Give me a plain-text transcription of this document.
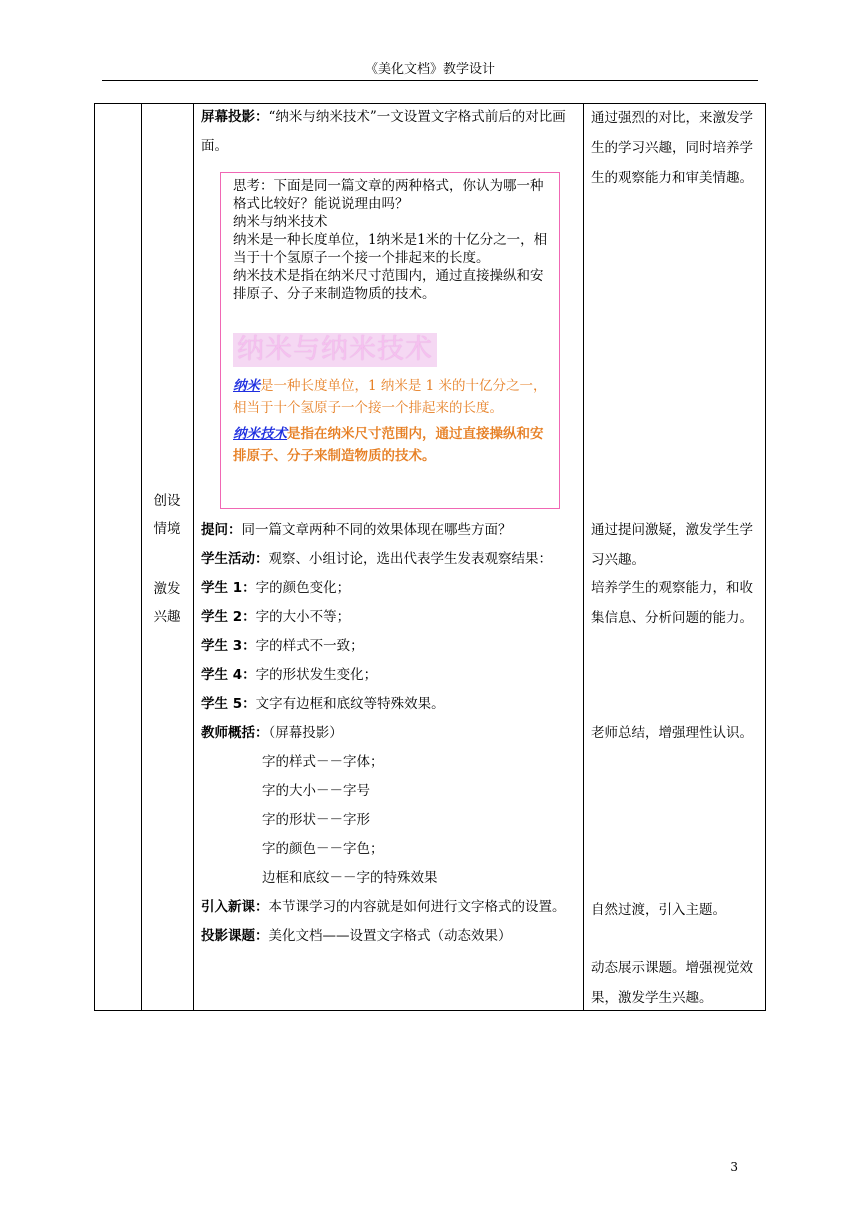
《美化文档》教学设计
创设
情境
激发
兴趣

屏幕投影：“纳米与纳米技术”一文设置文字格式前后的对比画面。

思考：下面是同一篇文章的两种格式，你认为哪一种格式比较好？能说说理由吗？

纳米与纳米技术

纳米是一种长度单位，1纳米是1米的十亿分之一，相当于十个氢原子一个接一个排起来的长度。

纳米技术是指在纳米尺寸范围内，通过直接操纵和安排原子、分子来制造物质的技术。

纳米与纳米技术

纳米是一种长度单位，1 纳米是 1 米的十亿分之一，相当于十个氢原子一个接一个排起来的长度。

纳米技术是指在纳米尺寸范围内，通过直接操纵和安排原子、分子来制造物质的技术。

提问：同一篇文章两种不同的效果体现在哪些方面？

学生活动：观察、小组讨论，选出代表学生发表观察结果：

学生 1：字的颜色变化；

学生 2：字的大小不等；

学生 3：字的样式不一致；

学生 4：字的形状发生变化；

学生 5：文字有边框和底纹等特殊效果。

教师概括：（屏幕投影）

字的样式－－字体；

字的大小－－字号

字的形状－－字形

字的颜色－－字色；

边框和底纹－－字的特殊效果

引入新课：本节课学习的内容就是如何进行文字格式的设置。

投影课题：美化文档——设置文字格式（动态效果）

通过强烈的对比，来激发学生的学习兴趣，同时培养学生的观察能力和审美情趣。

通过提问激疑，激发学生学习兴趣。

培养学生的观察能力，和收集信息、分析问题的能力。

老师总结，增强理性认识。

自然过渡，引入主题。

动态展示课题。增强视觉效果，激发学生兴趣。

3
